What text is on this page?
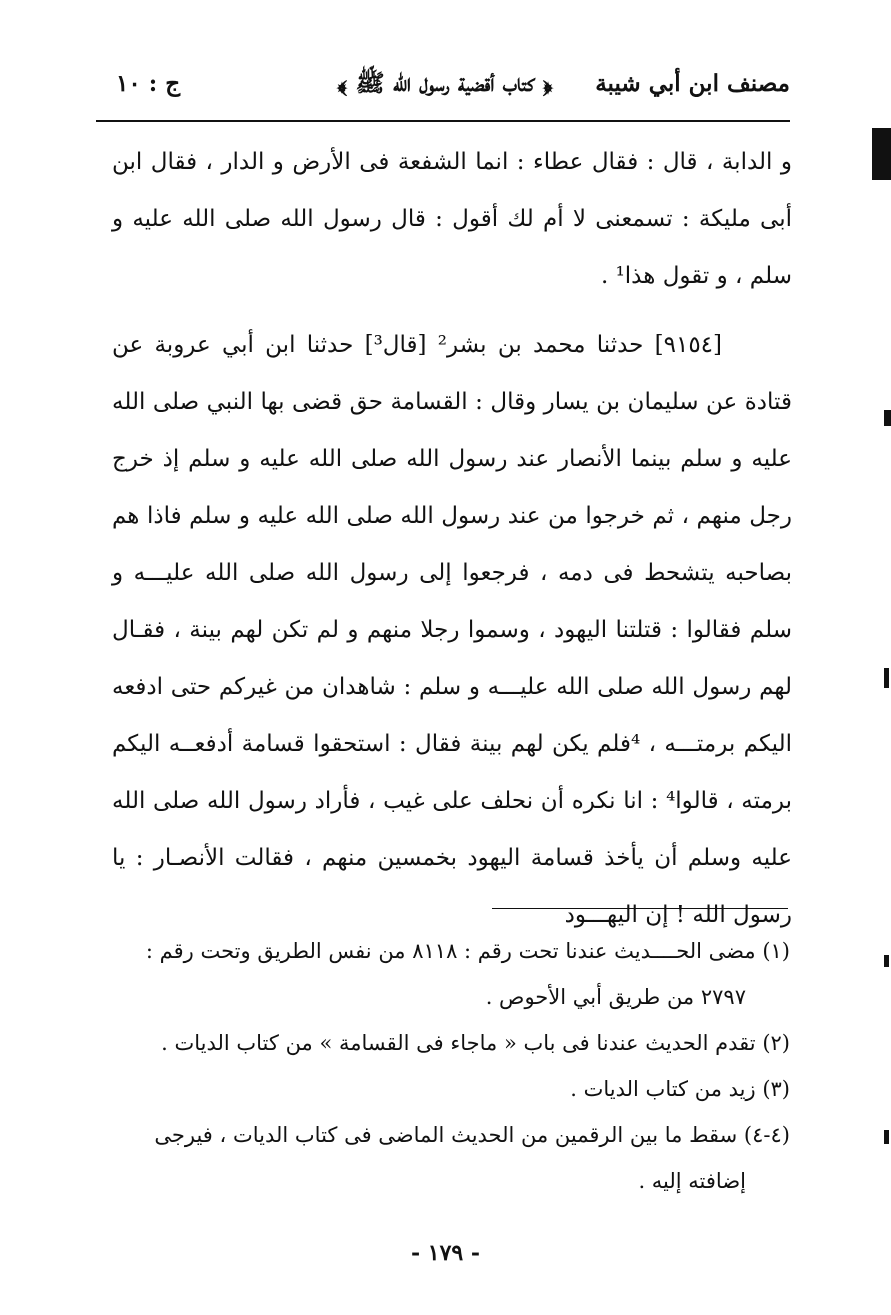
مصنف ابن أبي شيبة
﴿ كتاب أقضية رسول الله ﷺ ﴾
ج : ١٠

و الدابة ، قال : فقال عطاء : انما الشفعة فى الأرض و الدار ، فقال ابن أبى مليكة : تسمعنى لا أم لك أقول : قال رسول الله صلى الله عليه و سلم ، و تقول هذا¹ .

[٩١٥٤] حدثنا محمد بن بشر² [قال³] حدثنا ابن أبي عروبة عن قتادة عن سليمان بن يسار وقال : القسامة حق قضى بها النبي صلى الله عليه و سلم بينما الأنصار عند رسول الله صلى الله عليه و سلم إذ خرج رجل منهم ، ثم خرجوا من عند رسول الله صلى الله عليه و سلم فاذا هم بصاحبه يتشحط فى دمه ، فرجعوا إلى رسول الله صلى الله عليـــه و سلم فقالوا : قتلتنا اليهود ، وسموا رجلا منهم و لم تكن لهم بينة ، فقـال لهم رسول الله صلى الله عليـــه و سلم : شاهدان من غيركم حتى ادفعه اليكم برمتـــه ، ⁴فلم يكن لهم بينة فقال : استحقوا قسامة أدفعــه اليكم برمته ، قالوا⁴ : انا نكره أن نحلف على غيب ، فأراد رسول الله صلى الله عليه وسلم أن يأخذ قسامة اليهود بخمسين منهم ، فقالت الأنصـار : يا رسول الله ! إن اليهـــود

(١) مضى الحــــديث عندنا تحت رقم : ٨١١٨ من نفس الطريق وتحت رقم : ٢٧٩٧ من طريق أبي الأحوص .

(٢) تقدم الحديث عندنا فى باب « ماجاء فى القسامة » من كتاب الديات .

(٣) زيد من كتاب الديات .

(٤-٤) سقط ما بين الرقمين من الحديث الماضى فى كتاب الديات ، فيرجى إضافته إليه .

- ١٧٩ -
